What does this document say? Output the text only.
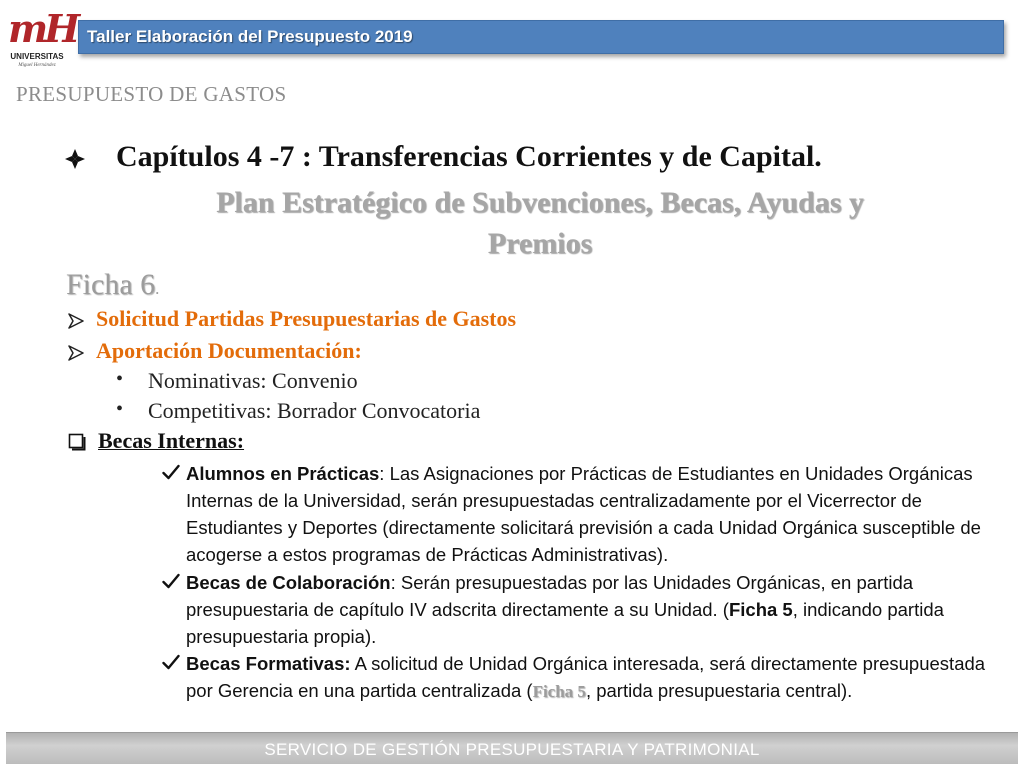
mH
UNIVERSITAS
Miguel Hernández
Taller Elaboración del Presupuesto 2019
PRESUPUESTO DE GASTOS
Capítulos 4 -7 : Transferencias Corrientes y de Capital.
Plan Estratégico de Subvenciones, Becas, Ayudas y
Premios
Ficha 6.
Solicitud Partidas Presupuestarias de Gastos
Aportación Documentación:
• Nominativas: Convenio
• Competitivas: Borrador Convocatoria
Becas Internas:
Alumnos en Prácticas: Las Asignaciones por Prácticas de Estudiantes en Unidades Orgánicas Internas de la Universidad, serán presupuestadas centralizadamente por el Vicerrector de Estudiantes y Deportes (directamente solicitará previsión a cada Unidad Orgánica susceptible de acogerse a estos programas de Prácticas Administrativas).
Becas de Colaboración: Serán presupuestadas por las Unidades Orgánicas, en partida presupuestaria de capítulo IV adscrita directamente a su Unidad. (Ficha 5, indicando partida presupuestaria propia).
Becas Formativas: A solicitud de Unidad Orgánica interesada, será directamente presupuestada por Gerencia en una partida centralizada (Ficha 5, partida presupuestaria central).
SERVICIO DE GESTIÓN PRESUPUESTARIA Y PATRIMONIAL
